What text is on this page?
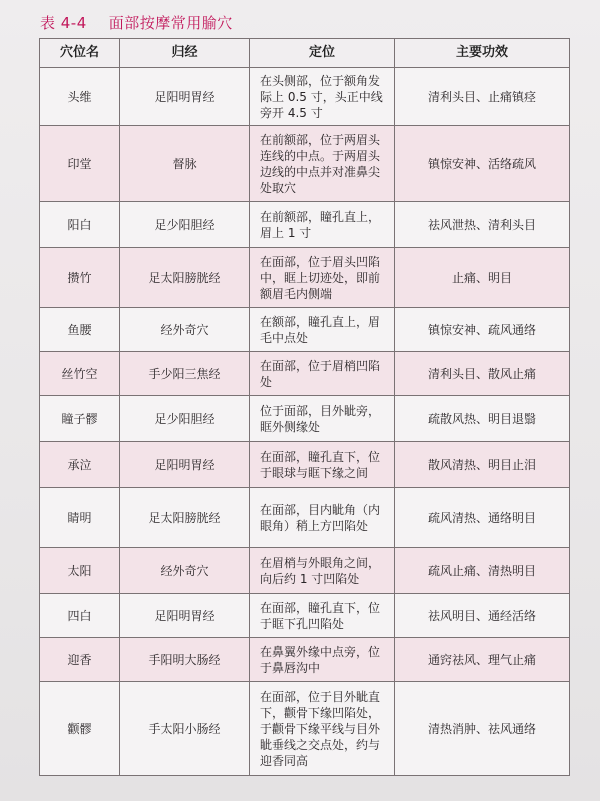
表 4-4 面部按摩常用腧穴
穴位名	归经	定位	主要功效
头维	足阳明胃经	在头侧部，位于额角发际上 0.5 寸，头正中线旁开 4.5 寸	清利头目、止痛镇痉
印堂	督脉	在前额部，位于两眉头连线的中点。于两眉头边线的中点并对准鼻尖处取穴	镇惊安神、活络疏风
阳白	足少阳胆经	在前额部，瞳孔直上，眉上 1 寸	祛风泄热、清利头目
攒竹	足太阳膀胱经	在面部，位于眉头凹陷中，眶上切迹处，即前额眉毛内侧端	止痛、明目
鱼腰	经外奇穴	在额部，瞳孔直上，眉毛中点处	镇惊安神、疏风通络
丝竹空	手少阳三焦经	在面部，位于眉梢凹陷处	清利头目、散风止痛
瞳子髎	足少阳胆经	位于面部，目外眦旁，眶外侧缘处	疏散风热、明目退翳
承泣	足阳明胃经	在面部，瞳孔直下，位于眼球与眶下缘之间	散风清热、明目止泪
睛明	足太阳膀胱经	在面部，目内眦角（内眼角）稍上方凹陷处	疏风清热、通络明目
太阳	经外奇穴	在眉梢与外眼角之间，向后约 1 寸凹陷处	疏风止痛、清热明目
四白	足阳明胃经	在面部，瞳孔直下，位于眶下孔凹陷处	祛风明目、通经活络
迎香	手阳明大肠经	在鼻翼外缘中点旁，位于鼻唇沟中	通窍祛风、理气止痛
颧髎	手太阳小肠经	在面部，位于目外眦直下，颧骨下缘凹陷处，于颧骨下缘平线与目外眦垂线之交点处，约与迎香同高	清热消肿、祛风通络
